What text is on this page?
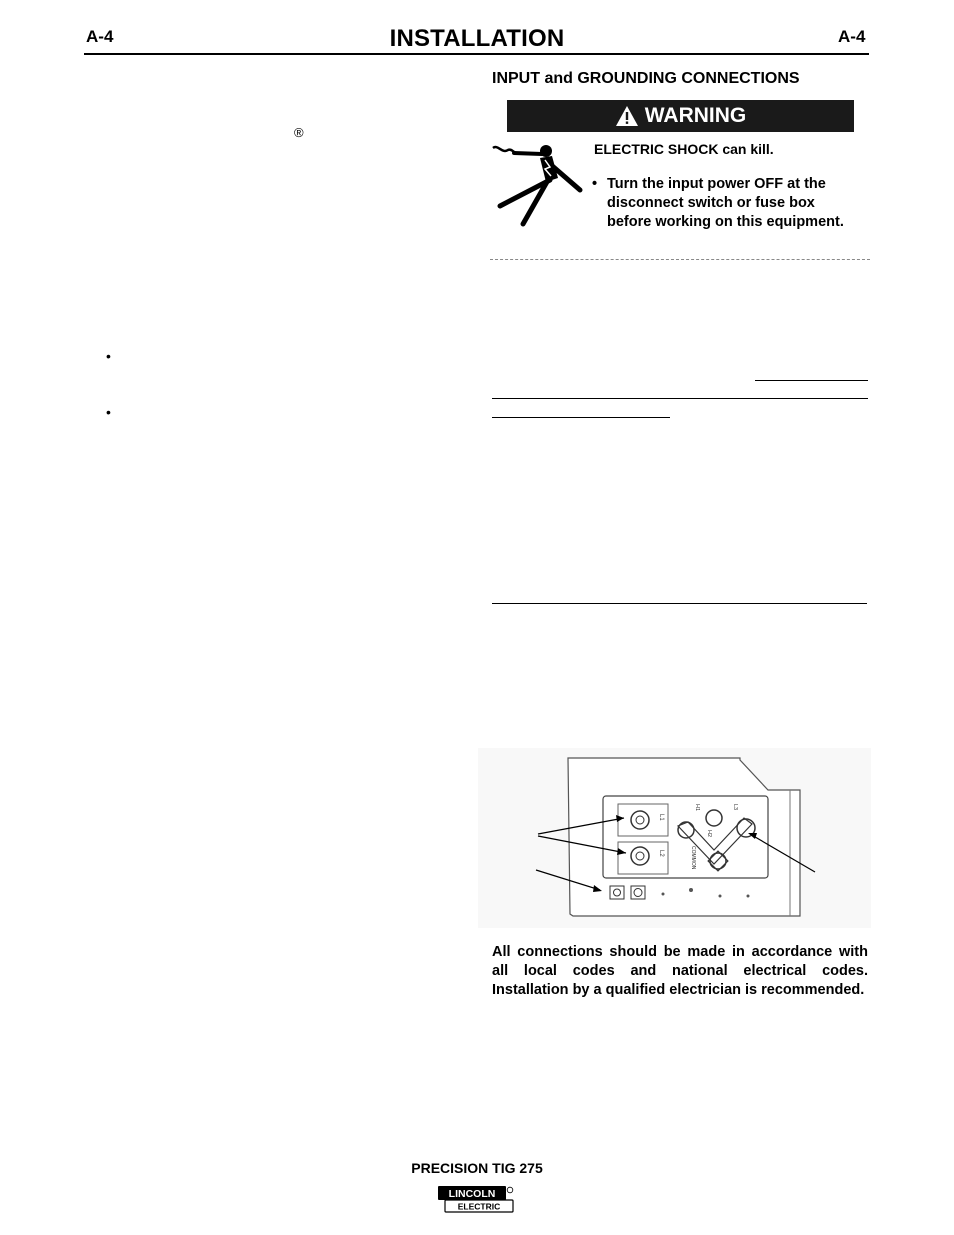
A-4	INSTALLATION	A-4
®
•
•
INPUT and GROUNDING CONNECTIONS
WARNING
ELECTRIC SHOCK can kill.
• Turn the input power OFF at the disconnect switch or fuse box before working on this equipment.
L1
L2
H1
H2
L3
COMMON
All connections should be made in accordance with all local codes and national electrical codes. Installation by a qualified electrician is recommended.
PRECISION TIG 275
LINCOLN
ELECTRIC
